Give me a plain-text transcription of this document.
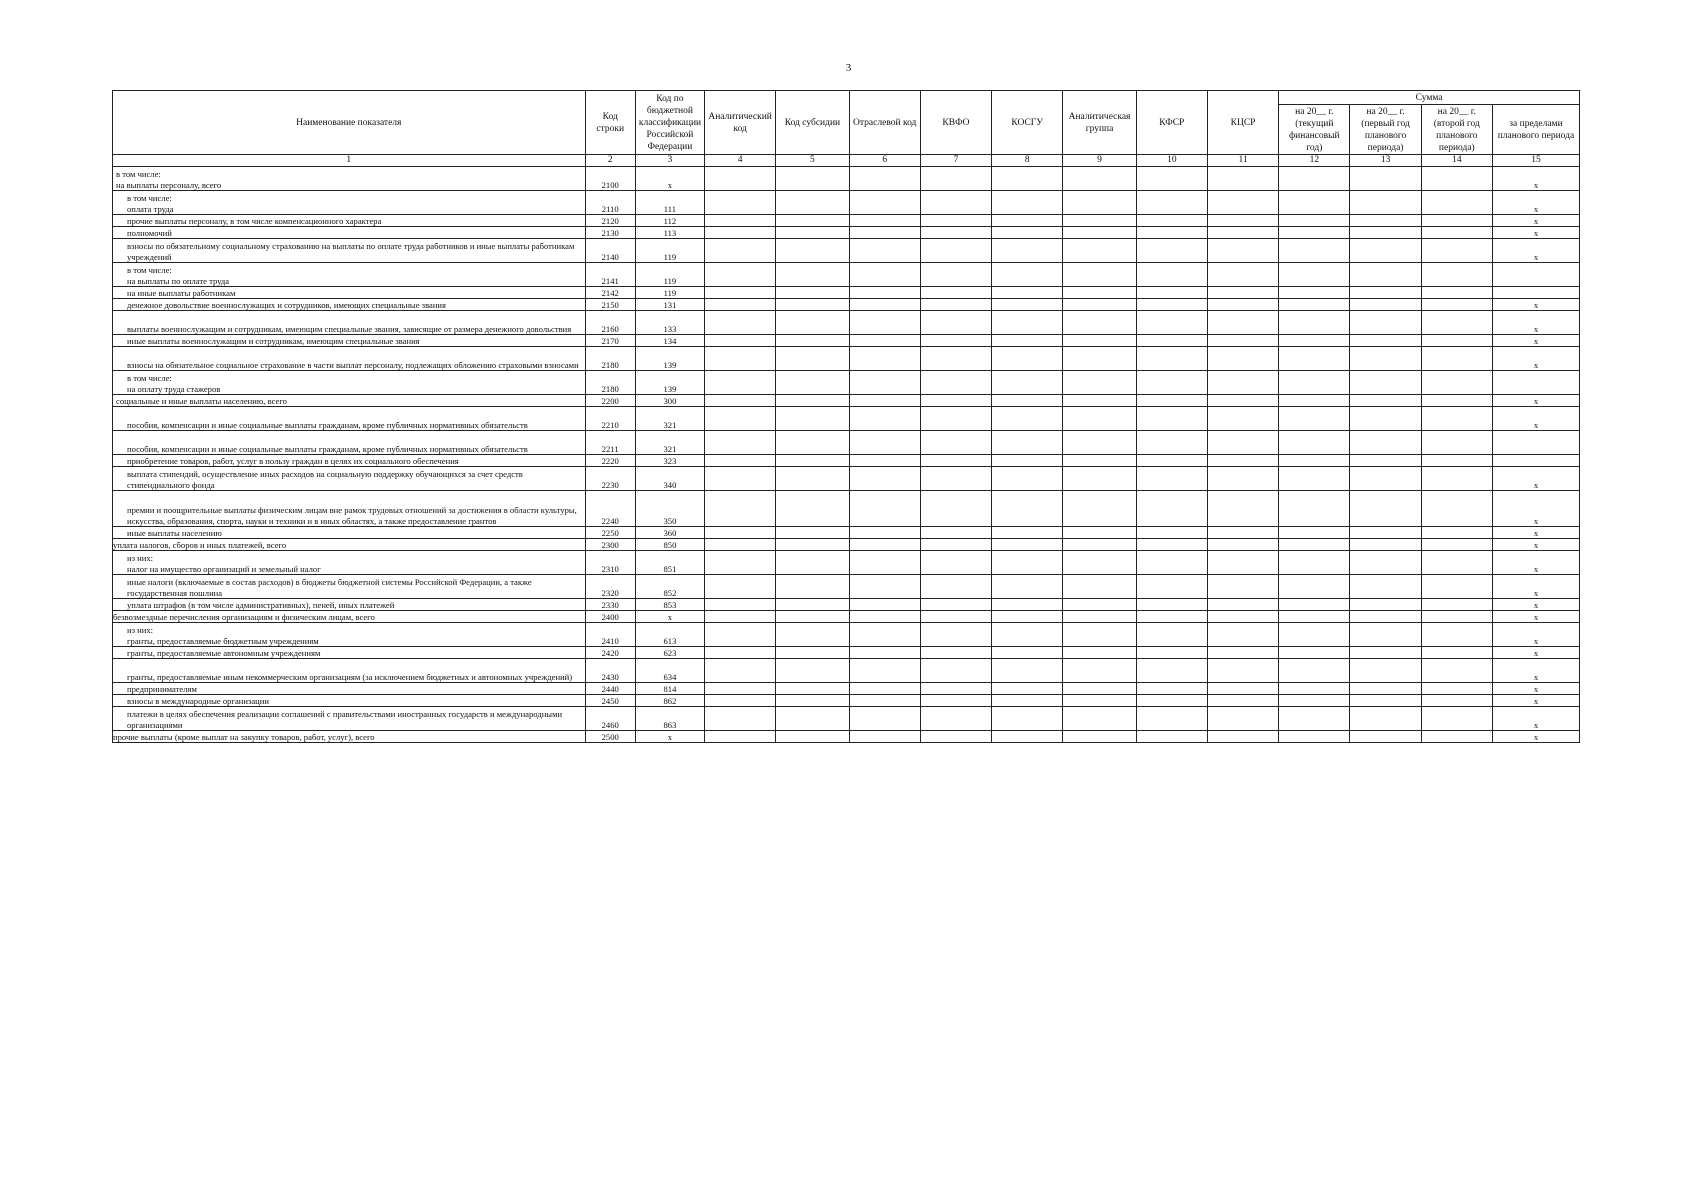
3
Наименование показателя	Код строки	Код по бюджетной классификации Российской Федерации	Аналитический код	Код субсидии	Отраслевой код	КВФО	КОСГУ	Аналитическая группа	КФСР	КЦСР	Сумма			
											на 20__ г. (текущий финансовый год)	на 20__ г. (первый год планового периода)	на 20__ г. (второй год планового периода)	за пределами планового периода
1	2	3	4	5	6	7	8	9	10	11	12	13	14	15
в том числе:
на выплаты персоналу, всего	2100	x												x
в том числе:
оплата труда	2110	111												x
прочие выплаты персоналу, в том числе компенсационного характера	2120	112												x
полномочий	2130	113												x
взносы по обязательному социальному страхованию на выплаты по оплате труда работников и иные выплаты работникам учреждений	2140	119												x
в том числе:
на выплаты по оплате труда	2141	119												
на иные выплаты работникам	2142	119												
денежное довольствие военнослужащих и сотрудников, имеющих специальные звания	2150	131												x
выплаты военнослужащим и сотрудникам, имеющим специальные звания, зависящие от размера денежного довольствия	2160	133												x
иные выплаты военнослужащим и сотрудникам, имеющим специальные звания	2170	134												x
взносы на обязательное социальное страхование в части выплат персоналу, подлежащих обложению страховыми взносами	2180	139												x
в том числе:
на оплату труда стажеров	2180	139												
социальные и иные выплаты населению, всего	2200	300												x
пособия, компенсации и иные социальные выплаты гражданам, кроме публичных нормативных обязательств	2210	321												x
пособия, компенсации и иные социальные выплаты гражданам, кроме публичных нормативных обязательств	2211	321												
приобретение товаров, работ, услуг в пользу граждан в целях их социального обеспечения	2220	323												
выплата стипендий, осуществление иных расходов на социальную поддержку обучающихся за счет средств стипендиального фонда	2230	340												x
премии и поощрительные выплаты физическим лицам вне рамок трудовых отношений за достижения в области культуры, искусства, образования, спорта, науки и техники и в иных областях, а также предоставление грантов	2240	350												x
иные выплаты населению	2250	360												x
уплата налогов, сборов и иных платежей, всего	2300	850												x
из них:
налог на имущество организаций и земельный налог	2310	851												x
иные налоги (включаемые в состав расходов) в бюджеты бюджетной системы Российской Федерации, а также государственная пошлина	2320	852												x
уплата штрафов (в том числе административных), пеней, иных платежей	2330	853												x
безвозмездные перечисления организациям и физическим лицам, всего	2400	x												x
из них:
гранты, предоставляемые бюджетным учреждениям	2410	613												x
гранты, предоставляемые автономным учреждениям	2420	623												x
гранты, предоставляемые иным некоммерческим организациям (за исключением бюджетных и автономных учреждений)	2430	634												x
предпринимателям	2440	814												x
взносы в международные организации	2450	862												x
платежи в целях обеспечения реализации соглашений с правительствами иностранных государств и международными организациями	2460	863												x
прочие выплаты (кроме выплат на закупку товаров, работ, услуг), всего	2500	x												x
